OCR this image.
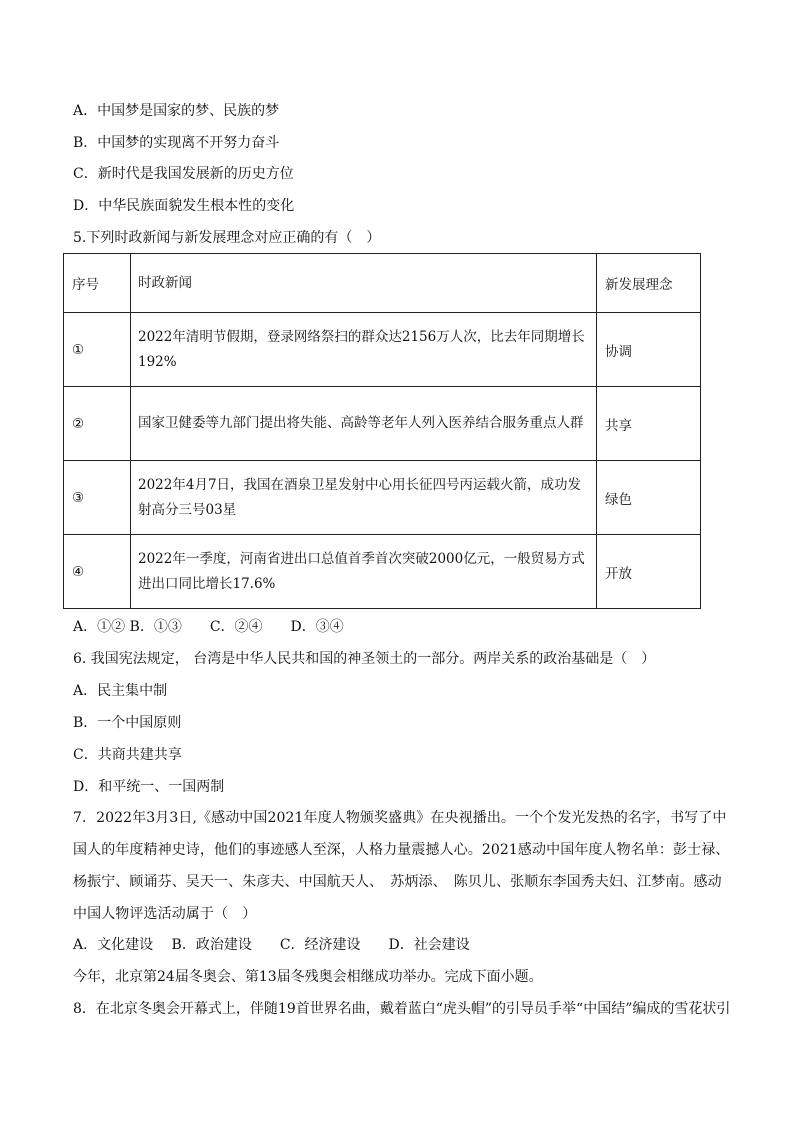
A．中国梦是国家的梦、民族的梦
B．中国梦的实现离不开努力奋斗
C．新时代是我国发展新的历史方位
D．中华民族面貌发生根本性的变化
5.下列时政新闻与新发展理念对应正确的有（　）
序号	时政新闻	新发展理念
①	2022年清明节假期，登录网络祭扫的群众达2156万人次，比去年同期增长192%	协调
②	国家卫健委等九部门提出将失能、高龄等老年人列入医养结合服务重点人群	共享
③	2022年4月7日，我国在酒泉卫星发射中心用长征四号丙运载火箭，成功发射高分三号03星	绿色
④	2022年一季度，河南省进出口总值首季首次突破2000亿元，一般贸易方式进出口同比增长17.6%	开放
A．①② B．①③　　C．②④　　D．③④
6. 我国宪法规定， 台湾是中华人民共和国的神圣领土的一部分。两岸关系的政治基础是（　）
A．民主集中制
B．一个中国原则
C．共商共建共享
D．和平统一、一国两制
7．2022年3月3日,《感动中国2021年度人物颁奖盛典》在央视播出。一个个发光发热的名字，书写了中
国人的年度精神史诗，他们的事迹感人至深，人格力量震撼人心。2021感动中国年度人物名单：彭士禄、
杨振宁、顾诵芬、吴天一、朱彦夫、中国航天人、　苏炳添、　陈贝儿、张顺东李国秀夫妇、江梦南。感动
中国人物评选活动属于（　）
A．文化建设　 B．政治建设　　C．经济建设　　D．社会建设
今年，北京第24届冬奥会、第13届冬残奥会相继成功举办。完成下面小题。
8．在北京冬奥会开幕式上，伴随19首世界名曲，戴着蓝白“虎头帽”的引导员手举“中国结”编成的雪花状引
